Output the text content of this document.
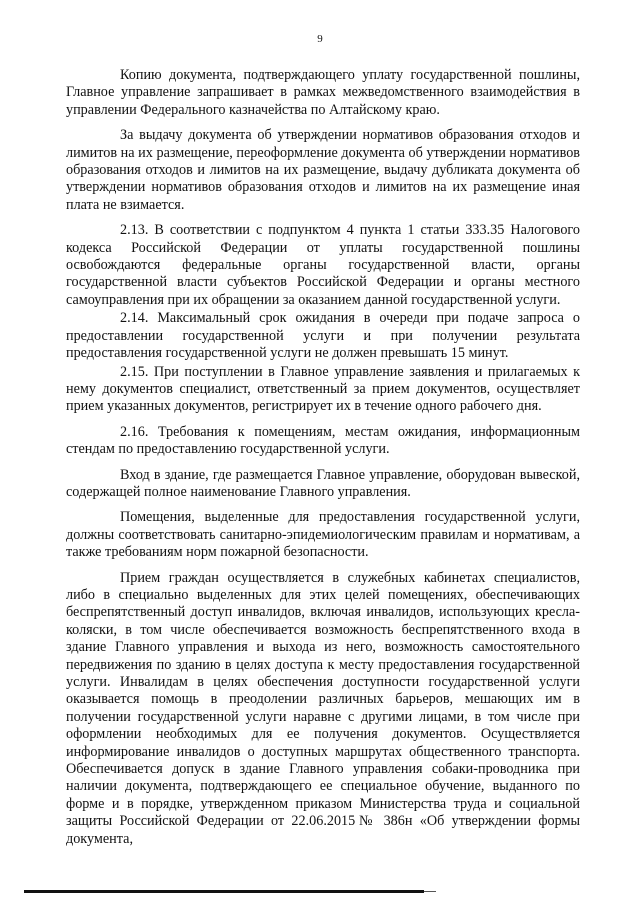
9

Копию документа, подтверждающего уплату государственной пошлины, Главное управление запрашивает в рамках межведомственного взаимодействия в управлении Федерального казначейства по Алтайскому краю.

За выдачу документа об утверждении нормативов образования отходов и лимитов на их размещение, переоформление документа об утверждении нормативов образования отходов и лимитов на их размещение, выдачу дубликата документа об утверждении нормативов образования отходов и лимитов на их размещение иная плата не взимается.

2.13. В соответствии с подпунктом 4 пункта 1 статьи 333.35 Налогового кодекса Российской Федерации от уплаты государственной пошлины освобождаются федеральные органы государственной власти, органы государственной власти субъектов Российской Федерации и органы местного самоуправления при их обращении за оказанием данной государственной услуги.

2.14. Максимальный срок ожидания в очереди при подаче запроса о предоставлении государственной услуги и при получении результата предоставления государственной услуги не должен превышать 15 минут.

2.15. При поступлении в Главное управление заявления и прилагаемых к нему документов специалист, ответственный за прием документов, осуществляет прием указанных документов, регистрирует их в течение одного рабочего дня.

2.16. Требования к помещениям, местам ожидания, информационным стендам по предоставлению государственной услуги.

Вход в здание, где размещается Главное управление, оборудован вывеской, содержащей полное наименование Главного управления.

Помещения, выделенные для предоставления государственной услуги, должны соответствовать санитарно-эпидемиологическим правилам и нормативам, а также требованиям норм пожарной безопасности.

Прием граждан осуществляется в служебных кабинетах специалистов, либо в специально выделенных для этих целей помещениях, обеспечивающих беспрепятственный доступ инвалидов, включая инвалидов, использующих кресла-коляски, в том числе обеспечивается возможность беспрепятственного входа в здание Главного управления и выхода из него, возможность самостоятельного передвижения по зданию в целях доступа к месту предоставления государственной услуги. Инвалидам в целях обеспечения доступности государственной услуги оказывается помощь в преодолении различных барьеров, мешающих им в получении государственной услуги наравне с другими лицами, в том числе при оформлении необходимых для ее получения документов. Осуществляется информирование инвалидов о доступных маршрутах общественного транспорта. Обеспечивается допуск в здание Главного управления собаки-проводника при наличии документа, подтверждающего ее специальное обучение, выданного по форме и в порядке, утвержденном приказом Министерства труда и социальной защиты Российской Федерации от 22.06.2015№ 386н «Об утверждении формы документа,
